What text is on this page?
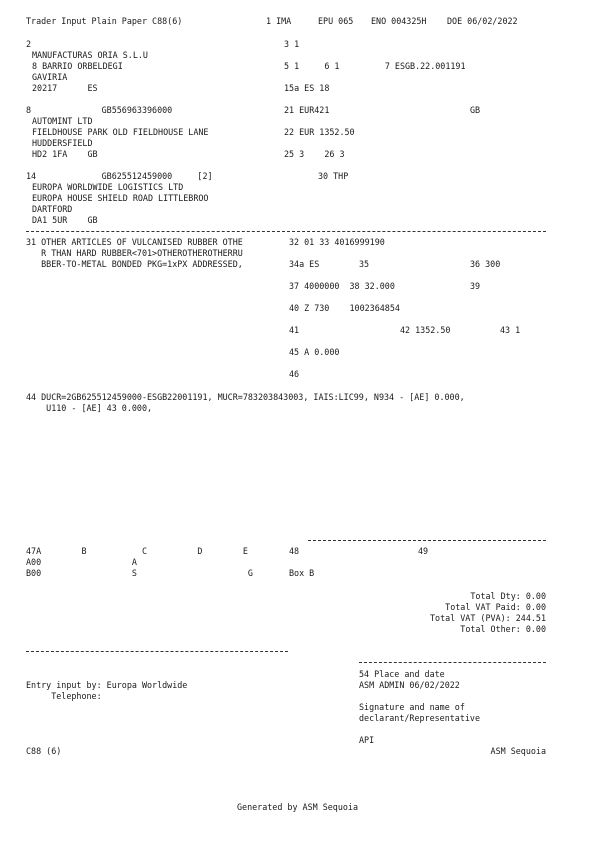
Trader Input Plain Paper C88(6)	1 IMA	EPU 065 ENO 004325H DOE 06/02/2022
2
MANUFACTURAS ORIA S.L.U
8 BARRIO ORBELDEGI
GAVIRIA
20217      ES
3 1
5 1     6 1         7 ESGB.22.001191
15a ES 18
8              GB556963396000
AUTOMINT LTD
FIELDHOUSE PARK OLD FIELDHOUSE LANE
HUDDERSFIELD
HD2 1FA    GB
21 EUR421	GB
22 EUR 1352.50
25 3    26 3
14             GB625512459000     [2]	30 THP
EUROPA WORLDWIDE LOGISTICS LTD
EUROPA HOUSE SHIELD ROAD LITTLEBROO
DARTFORD
DA1 5UR    GB
31 OTHER ARTICLES OF VULCANISED RUBBER OTHE
R THAN HARD RUBBER<701>OTHEROTHEROTHERRU
BBER-TO-METAL BONDED PKG=1xPX ADDRESSED,
32 01 33 4016999190
34a ES	35	36 300
37 4000000  38 32.000	39
40 Z 730    1002364854
41	42 1352.50	43 1
45 A 0.000
46
44 DUCR=2GB625512459000-ESGB22001191, MUCR=783203843003, IAIS:LIC99, N934 - [AE] 0.000,
U110 - [AE] 43 0.000,
47A        B           C          D        E	48	49
A00                  A
B00                  S                      G	Box B
Total Dty: 0.00
Total VAT Paid: 0.00
Total VAT (PVA): 244.51
Total Other: 0.00
54 Place and date
ASM ADMIN 06/02/2022
Entry input by: Europa Worldwide
Telephone:
Signature and name of
declarant/Representative
API
C88 (6)	ASM Sequoia
Generated by ASM Sequoia
